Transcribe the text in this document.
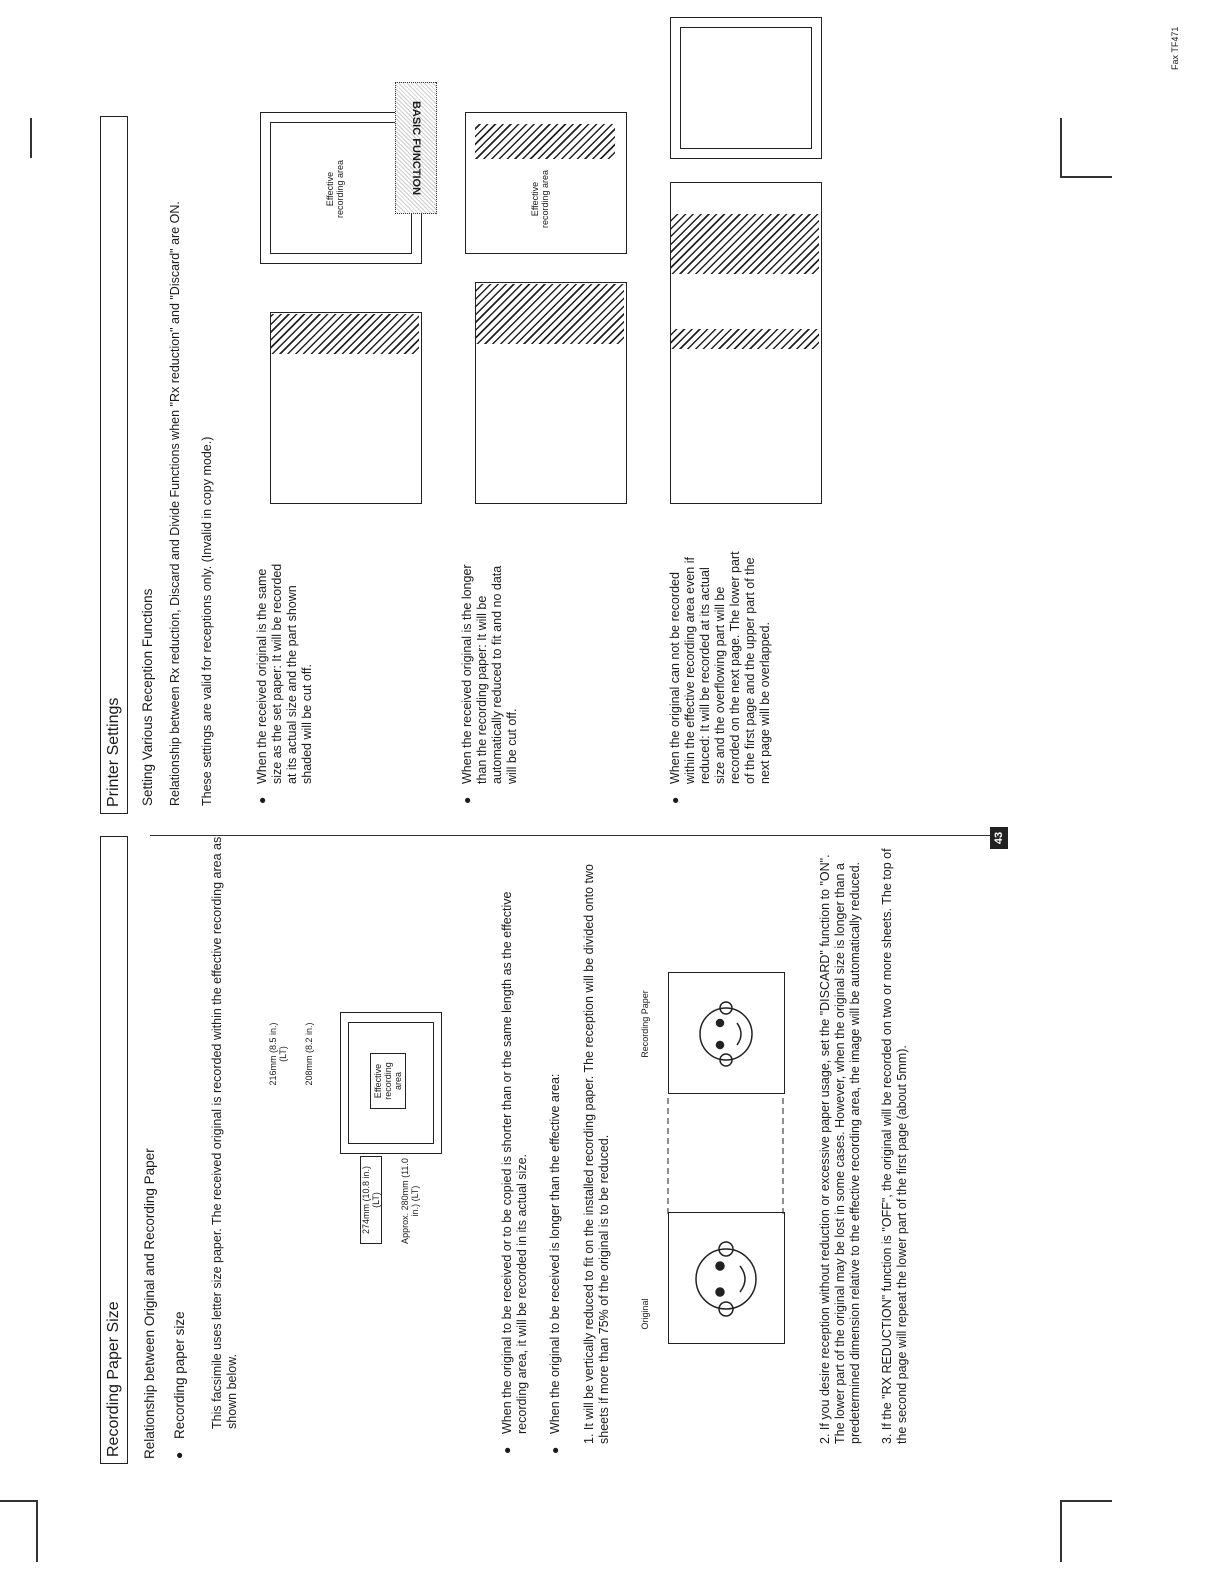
Fax TF471
Recording Paper Size	Relationship between Original and Recording Paper ● Recording paper size This facsimile uses letter size paper. The received original is recorded within the effective recording area as shown below.
216mm (8.5 in.) (LT) 208mm (8.2 in.)	Effective recording area
274mm (10.8 in.) (LT) Approx. 280mm (11.0 in.) (LT)	● When the original to be received or to be copied is shorter than or the same length as the effective recording area, it will be recorded in its actual size. ● When the original to be received is longer than the effective area: 1. It will be vertically reduced to fit on the installed recording paper. The reception will be divided onto two sheets if more than 75% of the original is to be reduced.	Original
Recording Paper	2. If you desire reception without reduction or excessive paper usage, set the "DISCARD" function to "ON". The lower part of the original may be lost in some cases. However, when the original size is longer than a predetermined dimension relative to the effective recording area, the image will be automatically reduced. 3. If the "RX REDUCTION" function is "OFF", the original will be recorded on two or more sheets. The top of the second page will repeat the lower part of the first page (about 5mm).
43
Printer Settings	Setting Various Reception Functions Relationship between Rx reduction, Discard and Divide Functions when "Rx reduction" and "Discard" are ON. These settings are valid for receptions only. (Invalid in copy mode.)	● When the received original is the same size as the set paper: It will be recorded at its actual size and the part shown shaded will be cut off.
Effective recording area
● When the received original is the longer than the recording paper: It will be automatically reduced to fit and no data will be cut off.
Effective recording area
● When the original can not be recorded within the effective recording area even if reduced: It will be recorded at its actual size and the overflowing part will be recorded on the next page. The lower part of the first page and the upper part of the next page will be overlapped.
BASIC FUNCTION
